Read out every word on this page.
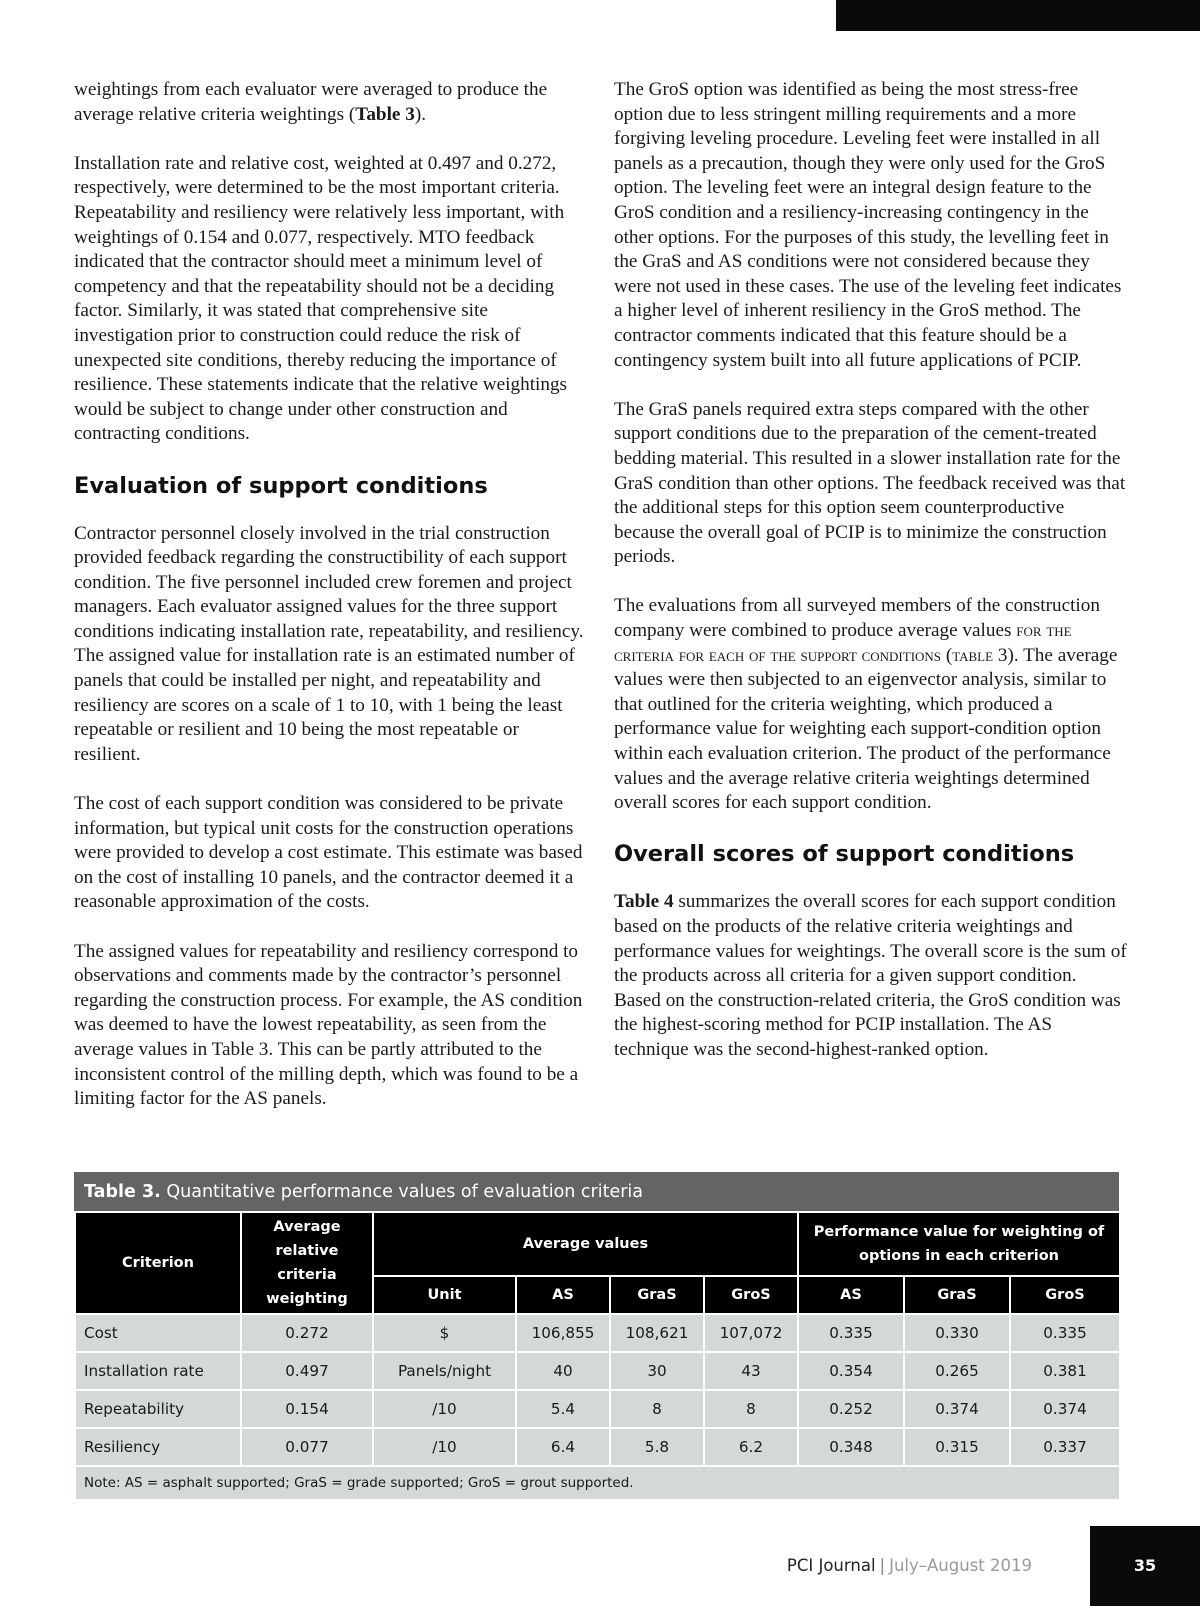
weightings from each evaluator were averaged to produce the average relative criteria weightings (Table 3).

Installation rate and relative cost, weighted at 0.497 and 0.272, respectively, were determined to be the most important criteria. Repeatability and resiliency were relatively less important, with weightings of 0.154 and 0.077, respectively. MTO feedback indicated that the contractor should meet a minimum level of competency and that the repeatability should not be a deciding factor. Similarly, it was stated that comprehensive site investigation prior to construction could reduce the risk of unexpected site conditions, thereby reducing the importance of resilience. These statements indicate that the relative weightings would be subject to change under other construction and contracting conditions.

Evaluation of support conditions

Contractor personnel closely involved in the trial construction provided feedback regarding the constructibility of each support condition. The five personnel included crew foremen and project managers. Each evaluator assigned values for the three support conditions indicating installation rate, repeatability, and resiliency. The assigned value for installation rate is an estimated number of panels that could be installed per night, and repeatability and resiliency are scores on a scale of 1 to 10, with 1 being the least repeatable or resilient and 10 being the most repeatable or resilient.

The cost of each support condition was considered to be private information, but typical unit costs for the construction operations were provided to develop a cost estimate. This estimate was based on the cost of installing 10 panels, and the contractor deemed it a reasonable approximation of the costs.

The assigned values for repeatability and resiliency correspond to observations and comments made by the contractor’s personnel regarding the construction process. For example, the AS condition was deemed to have the lowest repeatability, as seen from the average values in Table 3. This can be partly attributed to the inconsistent control of the milling depth, which was found to be a limiting factor for the AS panels.

The GroS option was identified as being the most stress-free option due to less stringent milling requirements and a more forgiving leveling procedure. Leveling feet were installed in all panels as a precaution, though they were only used for the GroS option. The leveling feet were an integral design feature to the GroS condition and a resiliency-increasing contingency in the other options. For the purposes of this study, the levelling feet in the GraS and AS conditions were not considered because they were not used in these cases. The use of the leveling feet indicates a higher level of inherent resiliency in the GroS method. The contractor comments indicated that this feature should be a contingency system built into all future applications of PCIP.

The GraS panels required extra steps compared with the other support conditions due to the preparation of the cement-treated bedding material. This resulted in a slower installation rate for the GraS condition than other options. The feedback received was that the additional steps for this option seem counterproductive because the overall goal of PCIP is to minimize the construction periods.

The evaluations from all surveyed members of the construction company were combined to produce average values for the criteria for each of the support conditions (table 3). The average values were then subjected to an eigenvector analysis, similar to that outlined for the criteria weighting, which produced a performance value for weighting each support-condition option within each evaluation criterion. The product of the performance values and the average relative criteria weightings determined overall scores for each support condition.

Overall scores of support conditions

Table 4 summarizes the overall scores for each support condition based on the products of the relative criteria weightings and performance values for weightings. The overall score is the sum of the products across all criteria for a given support condition. Based on the construction-related criteria, the GroS condition was the highest-scoring method for PCIP installation. The AS technique was the second-highest-ranked option.

Table 3. Quantitative performance values of evaluation criteria
Criterion	Average relative criteria weighting	Average values				Performance value for weighting of options in each criterion		
		Unit	AS	GraS	GroS	AS	GraS	GroS
Cost	0.272	$	106,855	108,621	107,072	0.335	0.330	0.335
Installation rate	0.497	Panels/night	40	30	43	0.354	0.265	0.381
Repeatability	0.154	/10	5.4	8	8	0.252	0.374	0.374
Resiliency	0.077	/10	6.4	5.8	6.2	0.348	0.315	0.337
Note: AS = asphalt supported; GraS = grade supported; GroS = grout supported.								
PCI Journal | July–August 2019	35
